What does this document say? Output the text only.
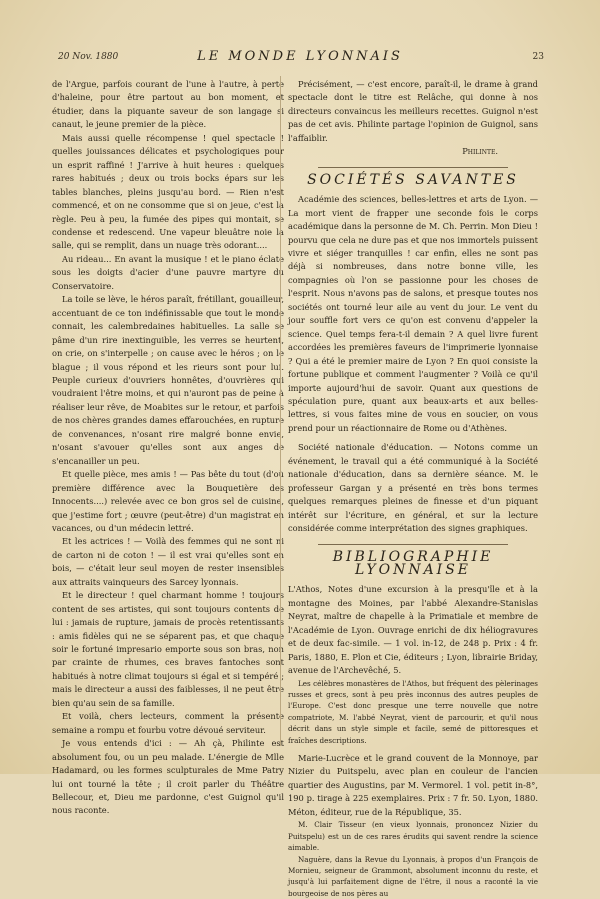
20 Nov. 1880	LE MONDE LYONNAIS	23

de l'Argue, parfois courant de l'une à l'autre, à perte d'haleine, pour être partout au bon moment, et étudier, dans la piquante saveur de son langage si canaut, le jeune premier de la pièce.

Mais aussi quelle récompense ! quel spectacle ! quelles jouissances délicates et psychologiques pour un esprit raffiné ! J'arrive à huit heures : quelques rares habitués ; deux ou trois bocks épars sur les tables blanches, pleins jusqu'au bord. — Rien n'est commencé, et on ne consomme que si on jeue, c'est la règle. Peu à peu, la fumée des pipes qui montait, se condense et redescend. Une vapeur bleuâtre noie la salle, qui se remplit, dans un nuage très odorant....

Au rideau... En avant la musique ! et le piano éclate sous les doigts d'acier d'une pauvre martyre du Conservatoire.

La toile se lève, le héros paraît, frétillant, gouailleur, accentuant de ce ton indéfinissable que tout le monde connait, les calembredaines habituelles. La salle se pâme d'un rire inextinguible, les verres se heurtent, on crie, on s'interpelle ; on cause avec le héros ; on le blague ; il vous répond et les rieurs sont pour lui. Peuple curieux d'ouvriers honnêtes, d'ouvrières qui voudraient l'être moins, et qui n'auront pas de peine à réaliser leur rêve, de Moabites sur le retour, et parfois de nos chères grandes dames effarouchées, en rupture de convenances, n'osant rire malgré bonne envie, n'osant s'avouer qu'elles sont aux anges de s'encanailler un peu.

Et quelle pièce, mes amis ! — Pas bête du tout (d'où première différence avec la Bouquetière des Innocents....) relevée avec ce bon gros sel de cuisine, que j'estime fort ; œuvre (peut-être) d'un magistrat en vacances, ou d'un médecin lettré.

Et les actrices ! — Voilà des femmes qui ne sont ni de carton ni de coton ! — il est vrai qu'elles sont en bois, — c'était leur seul moyen de rester insensibles aux attraits vainqueurs des Sarcey lyonnais.

Et le directeur ! quel charmant homme ! toujours content de ses artistes, qui sont toujours contents de lui : jamais de rupture, jamais de procès retentissants : amis fidèles qui ne se séparent pas, et que chaque soir le fortuné impresario emporte sous son bras, non par crainte de rhumes, ces braves fantoches sont habitués à notre climat toujours si égal et si tempéré ; mais le directeur a aussi des faiblesses, il ne peut être bien qu'au sein de sa famille.

Et voilà, chers lecteurs, comment la présente semaine a rompu et fourbu votre dévoué serviteur.

Je vous entends d'ici : — Ah çà, Philinte est absolument fou, ou un peu malade. L'énergie de Mlle Hadamard, ou les formes sculpturales de Mme Patry lui ont tourné la tête ; il croit parler du Théâtre Bellecour, et, Dieu me pardonne, c'est Guignol qu'il nous raconte.

Précisément, — c'est encore, paraît-il, le drame à grand spectacle dont le titre est Relâche, qui donne à nos directeurs convaincus les meilleurs recettes. Guignol n'est pas de cet avis. Philinte partage l'opinion de Guignol, sans l'affaiblir.

Philinte.
SOCIÉTÉS SAVANTES

Académie des sciences, belles-lettres et arts de Lyon. — La mort vient de frapper une seconde fois le corps académique dans la personne de M. Ch. Perrin. Mon Dieu ! pourvu que cela ne dure pas et que nos immortels puissent vivre et siéger tranquilles ! car enfin, elles ne sont pas déjà si nombreuses, dans notre bonne ville, les compagnies où l'on se passionne pour les choses de l'esprit. Nous n'avons pas de salons, et presque toutes nos sociétés ont tourné leur aile au vent du jour. Le vent du jour souffle fort vers ce qu'on est convenu d'appeler la science. Quel temps fera-t-il demain ? A quel livre furent accordées les premières faveurs de l'imprimerie lyonnaise ? Qui a été le premier maire de Lyon ? En quoi consiste la fortune publique et comment l'augmenter ? Voilà ce qu'il importe aujourd'hui de savoir. Quant aux questions de spéculation pure, quant aux beaux-arts et aux belles-lettres, si vous faites mine de vous en soucier, on vous prend pour un réactionnaire de Rome ou d'Athènes.

Société nationale d'éducation. — Notons comme un événement, le travail qui a été communiqué à la Société nationale d'éducation, dans sa dernière séance. M. le professeur Gargan y a présenté en très bons termes quelques remarques pleines de finesse et d'un piquant intérêt sur l'écriture, en général, et sur la lecture considérée comme interprétation des signes graphiques.

BIBLIOGRAPHIE LYONNAISE

L'Athos, Notes d'une excursion à la presqu'île et à la montagne des Moines, par l'abbé Alexandre-Stanislas Neyrat, maître de chapelle à la Primatiale et membre de l'Académie de Lyon. Ouvrage enrichi de dix héliogravures et de deux fac-simile. — 1 vol. in-12, de 248 p. Prix : 4 fr. Paris, 1880, E. Plon et Cie, éditeurs ; Lyon, librairie Briday, avenue de l'Archevêché, 5.

Les célèbres monastères de l'Athos, but fréquent des pèlerinages russes et grecs, sont à peu près inconnus des autres peuples de l'Europe. C'est donc presque une terre nouvelle que notre compatriote, M. l'abbé Neyrat, vient de parcourir, et qu'il nous décrit dans un style simple et facile, semé de pittoresques et fraîches descriptions.

Marie-Lucrèce et le grand couvent de la Monnoye, par Nizier du Puitspelu, avec plan en couleur de l'ancien quartier des Augustins, par M. Vermorel. 1 vol. petit in-8°, 190 p. tirage à 225 exemplaires. Prix : 7 fr. 50. Lyon, 1880. Méton, éditeur, rue de la République, 35.

M. Clair Tisseur (en vieux lyonnais, prononcez Nizier du Puitspelu) est un de ces rares érudits qui savent rendre la science aimable.

Naguère, dans la Revue du Lyonnais, à propos d'un François de Mornieu, seigneur de Grammont, absolument inconnu du reste, et jusqu'à lui parfaitement digne de l'être, il nous a raconté la vie bourgeoise de nos pères au
